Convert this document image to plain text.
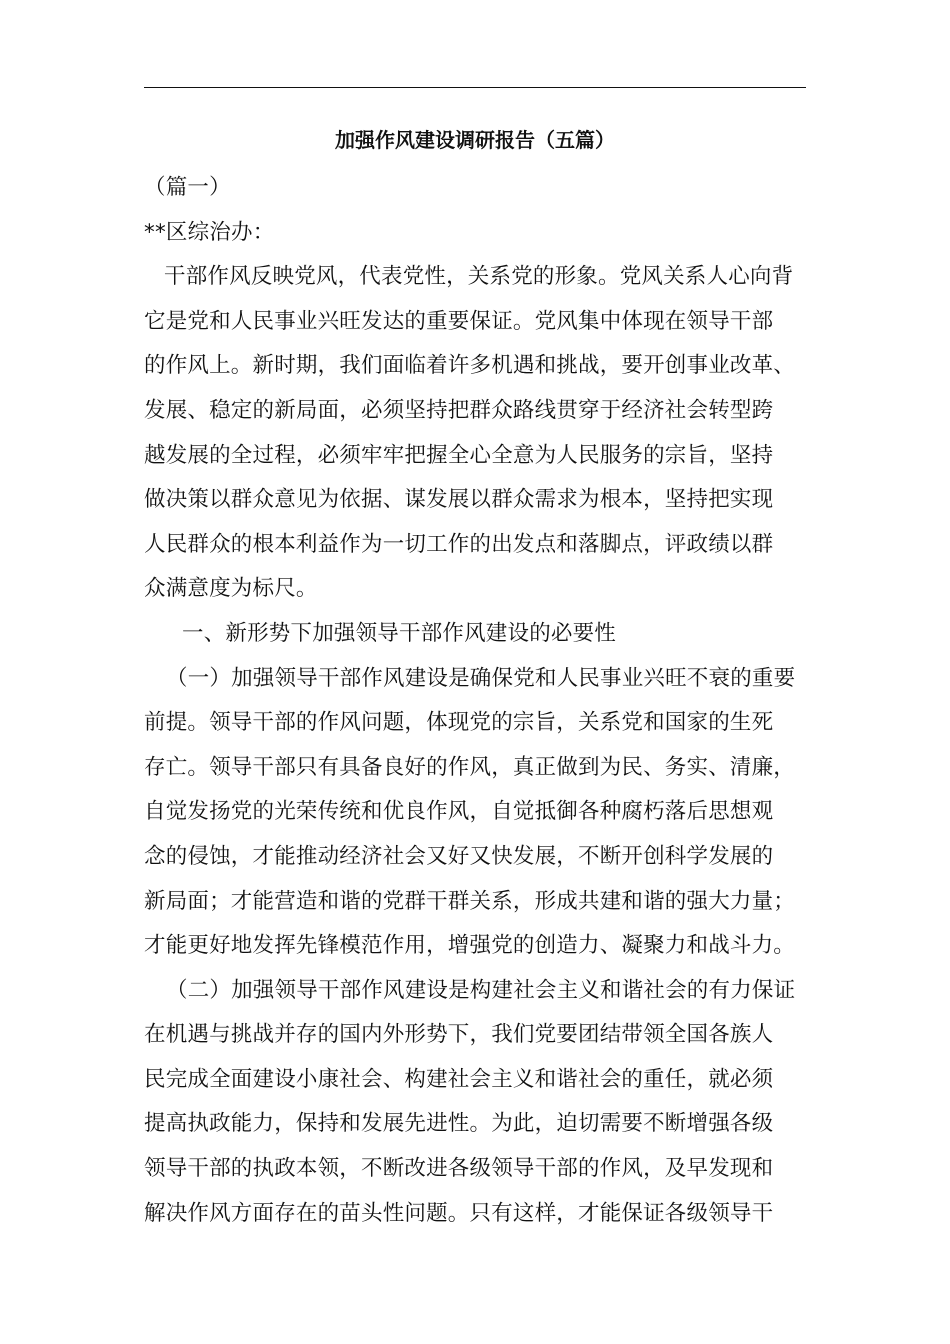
加强作风建设调研报告（五篇）
（篇一）
**区综治办：
干部作风反映党风，代表党性，关系党的形象。党风关系人心向背
它是党和人民事业兴旺发达的重要保证。党风集中体现在领导干部
的作风上。新时期，我们面临着许多机遇和挑战，要开创事业改革、
发展、稳定的新局面，必须坚持把群众路线贯穿于经济社会转型跨
越发展的全过程，必须牢牢把握全心全意为人民服务的宗旨，坚持
做决策以群众意见为依据、谋发展以群众需求为根本，坚持把实现
人民群众的根本利益作为一切工作的出发点和落脚点，评政绩以群
众满意度为标尺。
一、新形势下加强领导干部作风建设的必要性
（一）加强领导干部作风建设是确保党和人民事业兴旺不衰的重要
前提。领导干部的作风问题，体现党的宗旨，关系党和国家的生死
存亡。领导干部只有具备良好的作风，真正做到为民、务实、清廉，
自觉发扬党的光荣传统和优良作风，自觉抵御各种腐朽落后思想观
念的侵蚀，才能推动经济社会又好又快发展，不断开创科学发展的
新局面；才能营造和谐的党群干群关系，形成共建和谐的强大力量；
才能更好地发挥先锋模范作用，增强党的创造力、凝聚力和战斗力。
（二）加强领导干部作风建设是构建社会主义和谐社会的有力保证
在机遇与挑战并存的国内外形势下，我们党要团结带领全国各族人
民完成全面建设小康社会、构建社会主义和谐社会的重任，就必须
提高执政能力，保持和发展先进性。为此，迫切需要不断增强各级
领导干部的执政本领，不断改进各级领导干部的作风，及早发现和
解决作风方面存在的苗头性问题。只有这样，才能保证各级领导干
